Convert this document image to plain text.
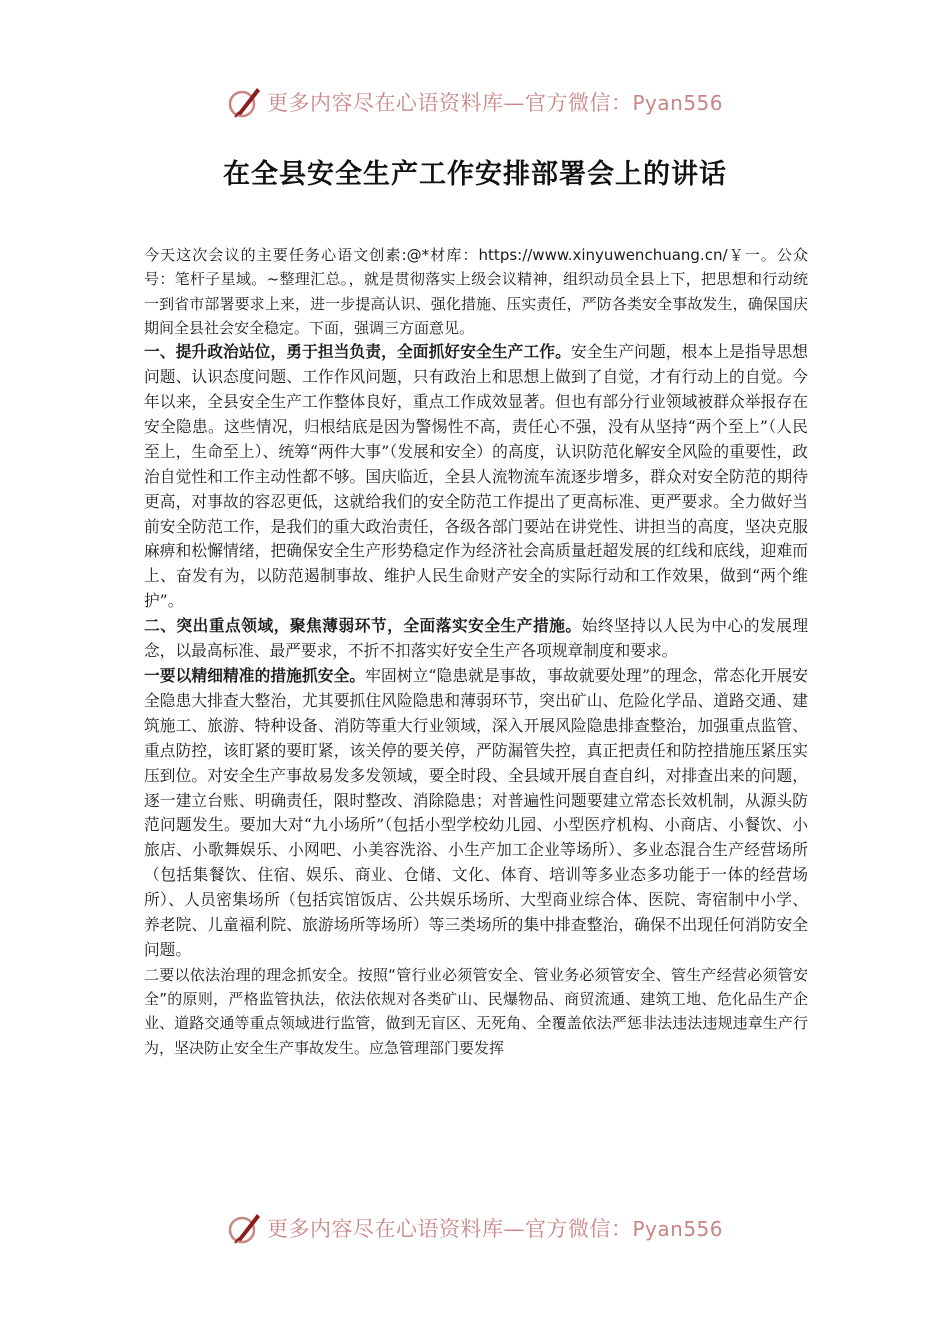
更多内容尽在心语资料库—官方微信：Pyan556
在全县安全生产工作安排部署会上的讲话

今天这次会议的主要任务心语文创素:@*材库：https://www.xinyuwenchuang.cn/￥一。公众号：笔杆子星域。~整理汇总。，就是贯彻落实上级会议精神，组织动员全县上下，把思想和行动统一到省市部署要求上来，进一步提高认识、强化措施、压实责任，严防各类安全事故发生，确保国庆期间全县社会安全稳定。下面，强调三方面意见。

一、提升政治站位，勇于担当负责，全面抓好安全生产工作。安全生产问题，根本上是指导思想问题、认识态度问题、工作作风问题，只有政治上和思想上做到了自觉，才有行动上的自觉。今年以来，全县安全生产工作整体良好，重点工作成效显著。但也有部分行业领域被群众举报存在安全隐患。这些情况，归根结底是因为警惕性不高，责任心不强，没有从坚持“两个至上”（人民至上，生命至上）、统筹“两件大事”（发展和安全）的高度，认识防范化解安全风险的重要性，政治自觉性和工作主动性都不够。国庆临近，全县人流物流车流逐步增多，群众对安全防范的期待更高，对事故的容忍更低，这就给我们的安全防范工作提出了更高标准、更严要求。全力做好当前安全防范工作，是我们的重大政治责任，各级各部门要站在讲党性、讲担当的高度，坚决克服麻痹和松懈情绪，把确保安全生产形势稳定作为经济社会高质量赶超发展的红线和底线，迎难而上、奋发有为，以防范遏制事故、维护人民生命财产安全的实际行动和工作效果，做到“两个维护”。

二、突出重点领域，聚焦薄弱环节，全面落实安全生产措施。始终坚持以人民为中心的发展理念，以最高标准、最严要求，不折不扣落实好安全生产各项规章制度和要求。

一要以精细精准的措施抓安全。牢固树立“隐患就是事故，事故就要处理”的理念，常态化开展安全隐患大排查大整治，尤其要抓住风险隐患和薄弱环节，突出矿山、危险化学品、道路交通、建筑施工、旅游、特种设备、消防等重大行业领域，深入开展风险隐患排查整治，加强重点监管、重点防控，该盯紧的要盯紧，该关停的要关停，严防漏管失控，真正把责任和防控措施压紧压实压到位。对安全生产事故易发多发领域，要全时段、全县域开展自查自纠，对排查出来的问题，逐一建立台账、明确责任，限时整改、消除隐患；对普遍性问题要建立常态长效机制，从源头防范问题发生。要加大对“九小场所”（包括小型学校幼儿园、小型医疗机构、小商店、小餐饮、小旅店、小歌舞娱乐、小网吧、小美容洗浴、小生产加工企业等场所）、多业态混合生产经营场所（包括集餐饮、住宿、娱乐、商业、仓储、文化、体育、培训等多业态多功能于一体的经营场所）、人员密集场所（包括宾馆饭店、公共娱乐场所、大型商业综合体、医院、寄宿制中小学、养老院、儿童福利院、旅游场所等场所）等三类场所的集中排查整治，确保不出现任何消防安全问题。

二要以依法治理的理念抓安全。按照“管行业必须管安全、管业务必须管安全、管生产经营必须管安全”的原则，严格监管执法，依法依规对各类矿山、民爆物品、商贸流通、建筑工地、危化品生产企业、道路交通等重点领域进行监管，做到无盲区、无死角、全覆盖依法严惩非法违法违规违章生产行为，坚决防止安全生产事故发生。应急管理部门要发挥

更多内容尽在心语资料库—官方微信：Pyan556
